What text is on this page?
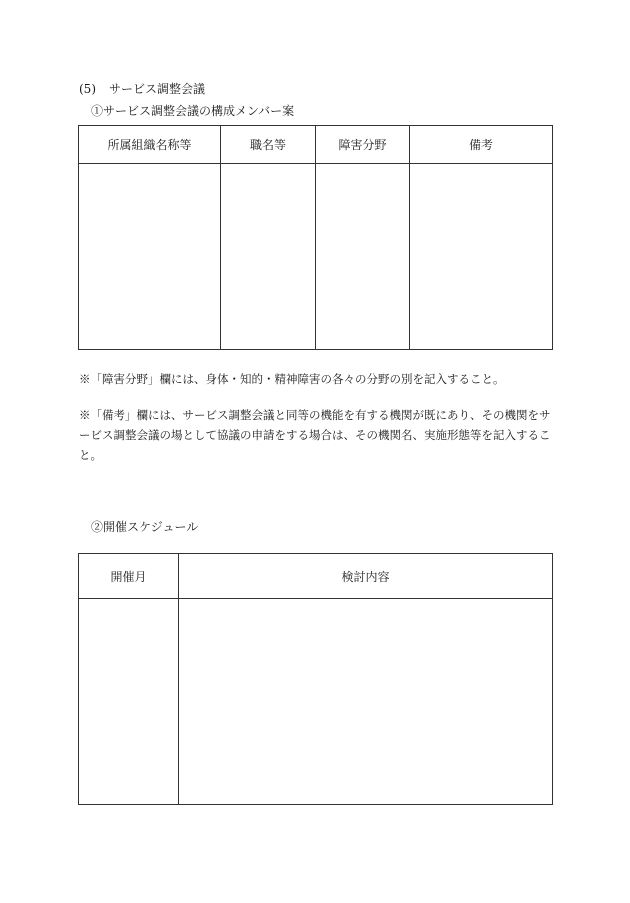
(5) サービス調整会議
①サービス調整会議の構成メンバー案
所属組織名称等	職名等	障害分野	備考

※「障害分野」欄には、身体・知的・精神障害の各々の分野の別を記入すること。
※「備考」欄には、サービス調整会議と同等の機能を有する機関が既にあり、その機関をサービス調整会議の場として協議の申請をする場合は、その機関名、実施形態等を記入すること。
②開催スケジュール
開催月	検討内容
